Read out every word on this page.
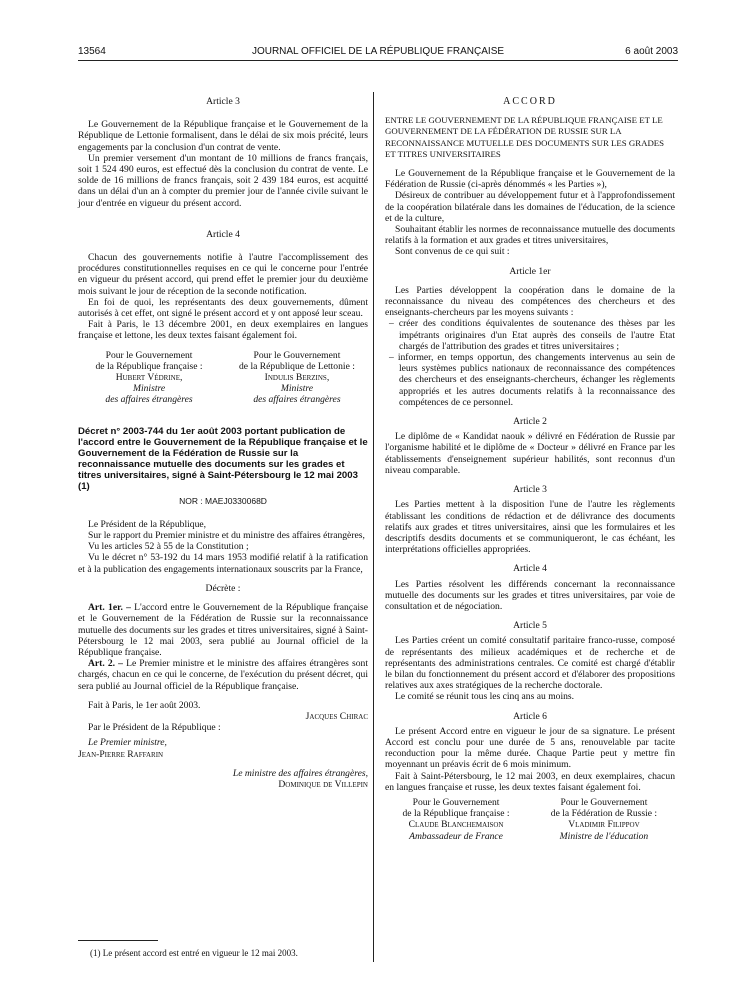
13564	JOURNAL OFFICIEL DE LA RÉPUBLIQUE FRANÇAISE	6 août 2003

Article 3

Le Gouvernement de la République française et le Gouvernement de la République de Lettonie formalisent, dans le délai de six mois précité, leurs engagements par la conclusion d'un contrat de vente.

Un premier versement d'un montant de 10 millions de francs français, soit 1 524 490 euros, est effectué dès la conclusion du contrat de vente. Le solde de 16 millions de francs français, soit 2 439 184 euros, est acquitté dans un délai d'un an à compter du premier jour de l'année civile suivant le jour d'entrée en vigueur du présent accord.

Article 4

Chacun des gouvernements notifie à l'autre l'accomplissement des procédures constitutionnelles requises en ce qui le concerne pour l'entrée en vigueur du présent accord, qui prend effet le premier jour du deuxième mois suivant le jour de réception de la seconde notification.

En foi de quoi, les représentants des deux gouvernements, dûment autorisés à cet effet, ont signé le présent accord et y ont apposé leur sceau.

Fait à Paris, le 13 décembre 2001, en deux exemplaires en langues française et lettone, les deux textes faisant également foi.

Pour le Gouvernement

de la République française :

Hubert Védrine,

Ministre

des affaires étrangères

Pour le Gouvernement

de la République de Lettonie :

Indulis Berzins,

Ministre

des affaires étrangères

Décret n° 2003-744 du 1er août 2003 portant publication de l'accord entre le Gouvernement de la République française et le Gouvernement de la Fédération de Russie sur la reconnaissance mutuelle des documents sur les grades et titres universitaires, signé à Saint-Pétersbourg le 12 mai 2003 (1)

NOR : MAEJ0330068D

Le Président de la République,

Sur le rapport du Premier ministre et du ministre des affaires étrangères,

Vu les articles 52 à 55 de la Constitution ;

Vu le décret n° 53-192 du 14 mars 1953 modifié relatif à la ratification et à la publication des engagements internationaux souscrits par la France,

Décrète :

Art. 1er. – L'accord entre le Gouvernement de la République française et le Gouvernement de la Fédération de Russie sur la reconnaissance mutuelle des documents sur les grades et titres universitaires, signé à Saint-Pétersbourg le 12 mai 2003, sera publié au Journal officiel de la République française.

Art. 2. – Le Premier ministre et le ministre des affaires étrangères sont chargés, chacun en ce qui le concerne, de l'exécution du présent décret, qui sera publié au Journal officiel de la République française.

Fait à Paris, le 1er août 2003.

Jacques Chirac

Par le Président de la République :

Le Premier ministre,

Jean-Pierre Raffarin

Le ministre des affaires étrangères,

Dominique de Villepin

ACCORD

ENTRE LE GOUVERNEMENT DE LA RÉPUBLIQUE FRANÇAISE ET LE GOUVERNEMENT DE LA FÉDÉRATION DE RUSSIE SUR LA RECONNAISSANCE MUTUELLE DES DOCUMENTS SUR LES GRADES ET TITRES UNIVERSITAIRES

Le Gouvernement de la République française et le Gouvernement de la Fédération de Russie (ci-après dénommés « les Parties »),

Désireux de contribuer au développement futur et à l'approfondissement de la coopération bilatérale dans les domaines de l'éducation, de la science et de la culture,

Souhaitant établir les normes de reconnaissance mutuelle des documents relatifs à la formation et aux grades et titres universitaires,

Sont convenus de ce qui suit :

Article 1er

Les Parties développent la coopération dans le domaine de la reconnaissance du niveau des compétences des chercheurs et des enseignants-chercheurs par les moyens suivants :

– créer des conditions équivalentes de soutenance des thèses par les impétrants originaires d'un Etat auprès des conseils de l'autre Etat chargés de l'attribution des grades et titres universitaires ;

– informer, en temps opportun, des changements intervenus au sein de leurs systèmes publics nationaux de reconnaissance des compétences des chercheurs et des enseignants-chercheurs, échanger les règlements appropriés et les autres documents relatifs à la reconnaissance des compétences de ce personnel.

Article 2

Le diplôme de « Kandidat naouk » délivré en Fédération de Russie par l'organisme habilité et le diplôme de « Docteur » délivré en France par les établissements d'enseignement supérieur habilités, sont reconnus d'un niveau comparable.

Article 3

Les Parties mettent à la disposition l'une de l'autre les règlements établissant les conditions de rédaction et de délivrance des documents relatifs aux grades et titres universitaires, ainsi que les formulaires et les descriptifs desdits documents et se communiqueront, le cas échéant, les interprétations officielles appropriées.

Article 4

Les Parties résolvent les différends concernant la reconnaissance mutuelle des documents sur les grades et titres universitaires, par voie de consultation et de négociation.

Article 5

Les Parties créent un comité consultatif paritaire franco-russe, composé de représentants des milieux académiques et de recherche et de représentants des administrations centrales. Ce comité est chargé d'établir le bilan du fonctionnement du présent accord et d'élaborer des propositions relatives aux axes stratégiques de la recherche doctorale.

Le comité se réunit tous les cinq ans au moins.

Article 6

Le présent Accord entre en vigueur le jour de sa signature. Le présent Accord est conclu pour une durée de 5 ans, renouvelable par tacite reconduction pour la même durée. Chaque Partie peut y mettre fin moyennant un préavis écrit de 6 mois minimum.

Fait à Saint-Pétersbourg, le 12 mai 2003, en deux exemplaires, chacun en langues française et russe, les deux textes faisant également foi.

Pour le Gouvernement

de la République française :

Claude Blanchemaison

Ambassadeur de France

Pour le Gouvernement

de la Fédération de Russie :

Vladimir Filippov

Ministre de l'éducation

(1) Le présent accord est entré en vigueur le 12 mai 2003.
